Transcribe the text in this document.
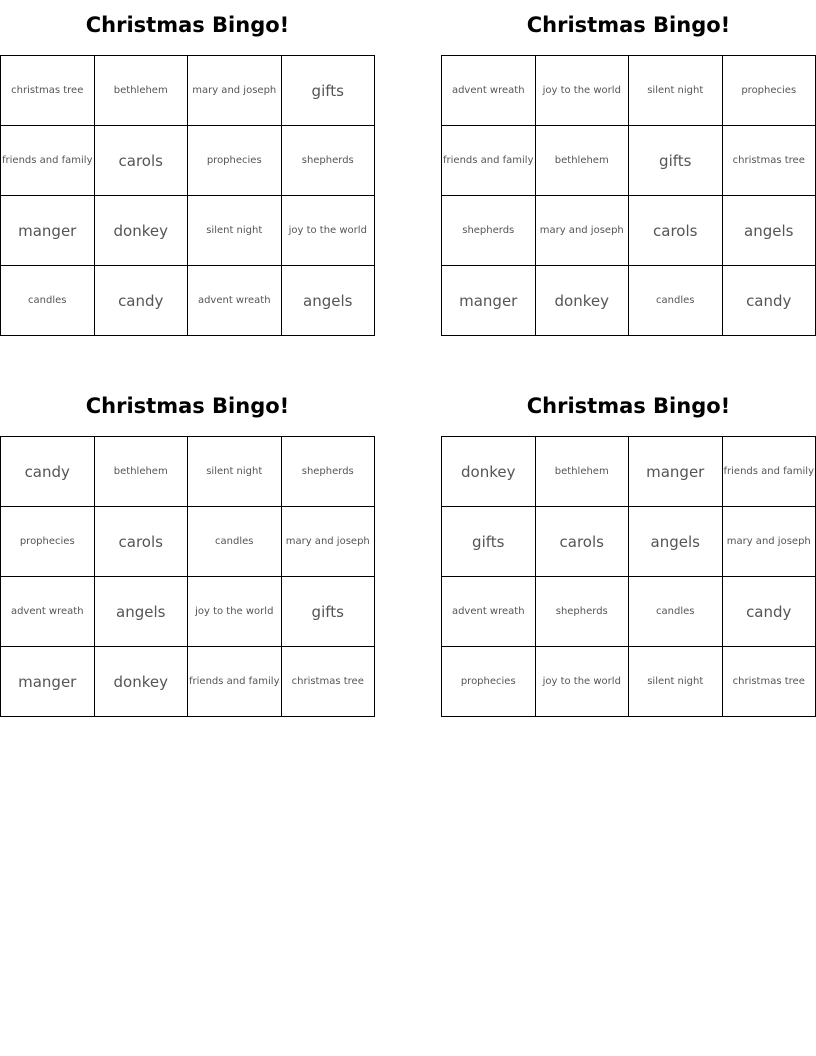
Christmas Bingo!
christmas tree	bethlehem	mary and joseph	gifts
friends and family	carols	prophecies	shepherds
manger	donkey	silent night	joy to the world
candles	candy	advent wreath	angels
Christmas Bingo!
advent wreath	joy to the world	silent night	prophecies
friends and family	bethlehem	gifts	christmas tree
shepherds	mary and joseph	carols	angels
manger	donkey	candles	candy
Christmas Bingo!
candy	bethlehem	silent night	shepherds
prophecies	carols	candles	mary and joseph
advent wreath	angels	joy to the world	gifts
manger	donkey	friends and family	christmas tree
Christmas Bingo!
donkey	bethlehem	manger	friends and family
gifts	carols	angels	mary and joseph
advent wreath	shepherds	candles	candy
prophecies	joy to the world	silent night	christmas tree
